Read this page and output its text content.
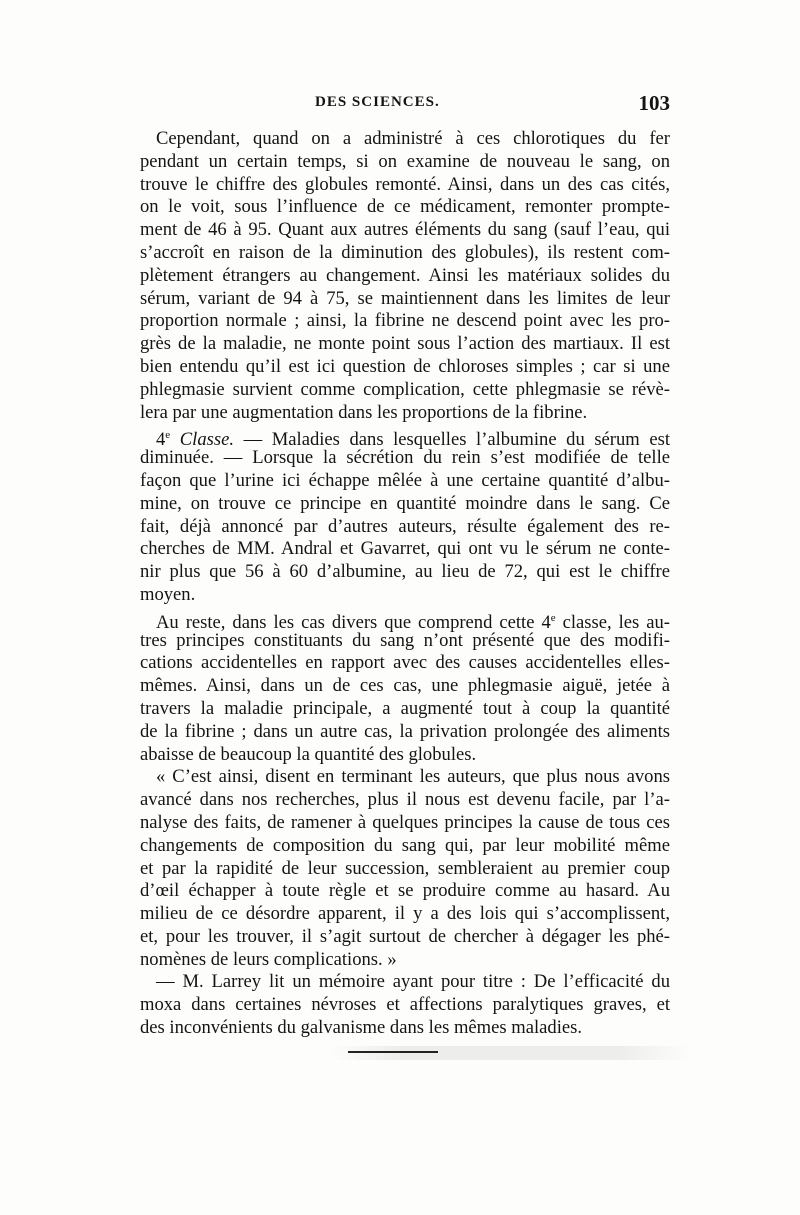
DES SCIENCES.	103
Cependant, quand on a administré à ces chlorotiques du fer
pendant un certain temps, si on examine de nouveau le sang, on
trouve le chiffre des globules remonté. Ainsi, dans un des cas cités,
on le voit, sous l’influence de ce médicament, remonter prompte-
ment de 46 à 95. Quant aux autres éléments du sang (sauf l’eau, qui
s’accroît en raison de la diminution des globules), ils restent com-
plètement étrangers au changement. Ainsi les matériaux solides du
sérum, variant de 94 à 75, se maintiennent dans les limites de leur
proportion normale ; ainsi, la fibrine ne descend point avec les pro-
grès de la maladie, ne monte point sous l’action des martiaux. Il est
bien entendu qu’il est ici question de chloroses simples ; car si une
phlegmasie survient comme complication, cette phlegmasie se révè-
lera par une augmentation dans les proportions de la fibrine.
4e Classe. — Maladies dans lesquelles l’albumine du sérum est
diminuée. — Lorsque la sécrétion du rein s’est modifiée de telle
façon que l’urine ici échappe mêlée à une certaine quantité d’albu-
mine, on trouve ce principe en quantité moindre dans le sang. Ce
fait, déjà annoncé par d’autres auteurs, résulte également des re-
cherches de MM. Andral et Gavarret, qui ont vu le sérum ne conte-
nir plus que 56 à 60 d’albumine, au lieu de 72, qui est le chiffre
moyen.
Au reste, dans les cas divers que comprend cette 4e classe, les au-
tres principes constituants du sang n’ont présenté que des modifi-
cations accidentelles en rapport avec des causes accidentelles elles-
mêmes. Ainsi, dans un de ces cas, une phlegmasie aiguë, jetée à
travers la maladie principale, a augmenté tout à coup la quantité
de la fibrine ; dans un autre cas, la privation prolongée des aliments
abaisse de beaucoup la quantité des globules.
« C’est ainsi, disent en terminant les auteurs, que plus nous avons
avancé dans nos recherches, plus il nous est devenu facile, par l’a-
nalyse des faits, de ramener à quelques principes la cause de tous ces
changements de composition du sang qui, par leur mobilité même
et par la rapidité de leur succession, sembleraient au premier coup
d’œil échapper à toute règle et se produire comme au hasard. Au
milieu de ce désordre apparent, il y a des lois qui s’accomplissent,
et, pour les trouver, il s’agit surtout de chercher à dégager les phé-
nomènes de leurs complications. »
— M. Larrey lit un mémoire ayant pour titre : De l’efficacité du
moxa dans certaines névroses et affections paralytiques graves, et
des inconvénients du galvanisme dans les mêmes maladies.
